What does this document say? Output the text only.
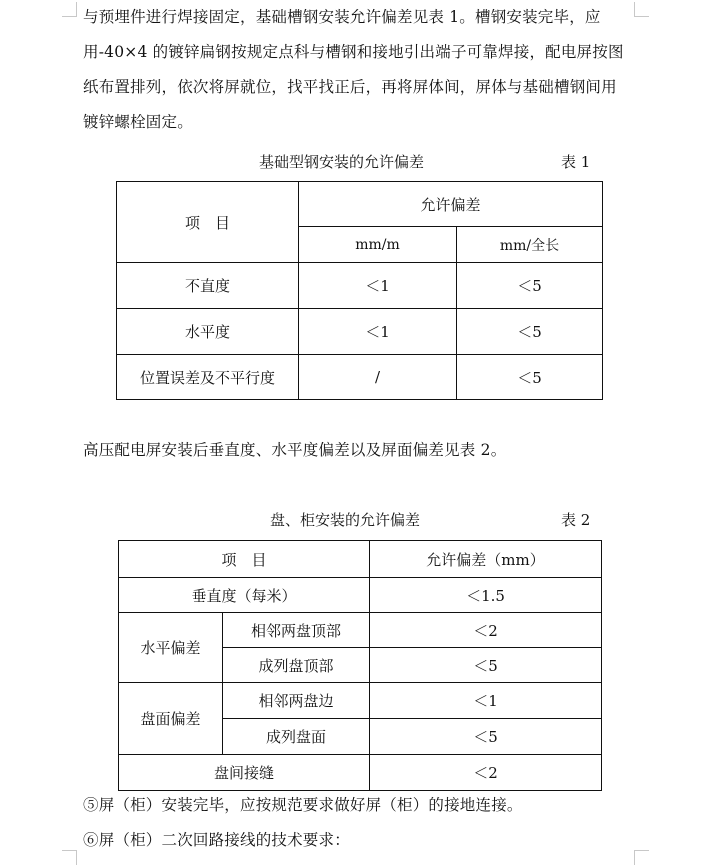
与预埋件进行焊接固定，基础槽钢安装允许偏差见表 1。槽钢安装完毕，应用-40×4 的镀锌扁钢按规定点科与槽钢和接地引出端子可靠焊接，配电屏按图纸布置排列，依次将屏就位，找平找正后，再将屏体间，屏体与基础槽钢间用镀锌螺栓固定。

基础型钢安装的允许偏差	表 1
项　目	允许偏差	
	mm/m	mm/全长
不直度	＜1	＜5
水平度	＜1	＜5
位置误差及不平行度	/	＜5

高压配电屏安装后垂直度、水平度偏差以及屏面偏差见表 2。

盘、柜安装的允许偏差	表 2
项　目		允许偏差（mm）
垂直度（每米）		＜1.5
水平偏差	相邻两盘顶部	＜2
	成列盘顶部	＜5
盘面偏差	相邻两盘边	＜1
	成列盘面	＜5
盘间接缝		＜2

⑤屏（柜）安装完毕，应按规范要求做好屏（柜）的接地连接。
⑥屏（柜）二次回路接线的技术要求：
